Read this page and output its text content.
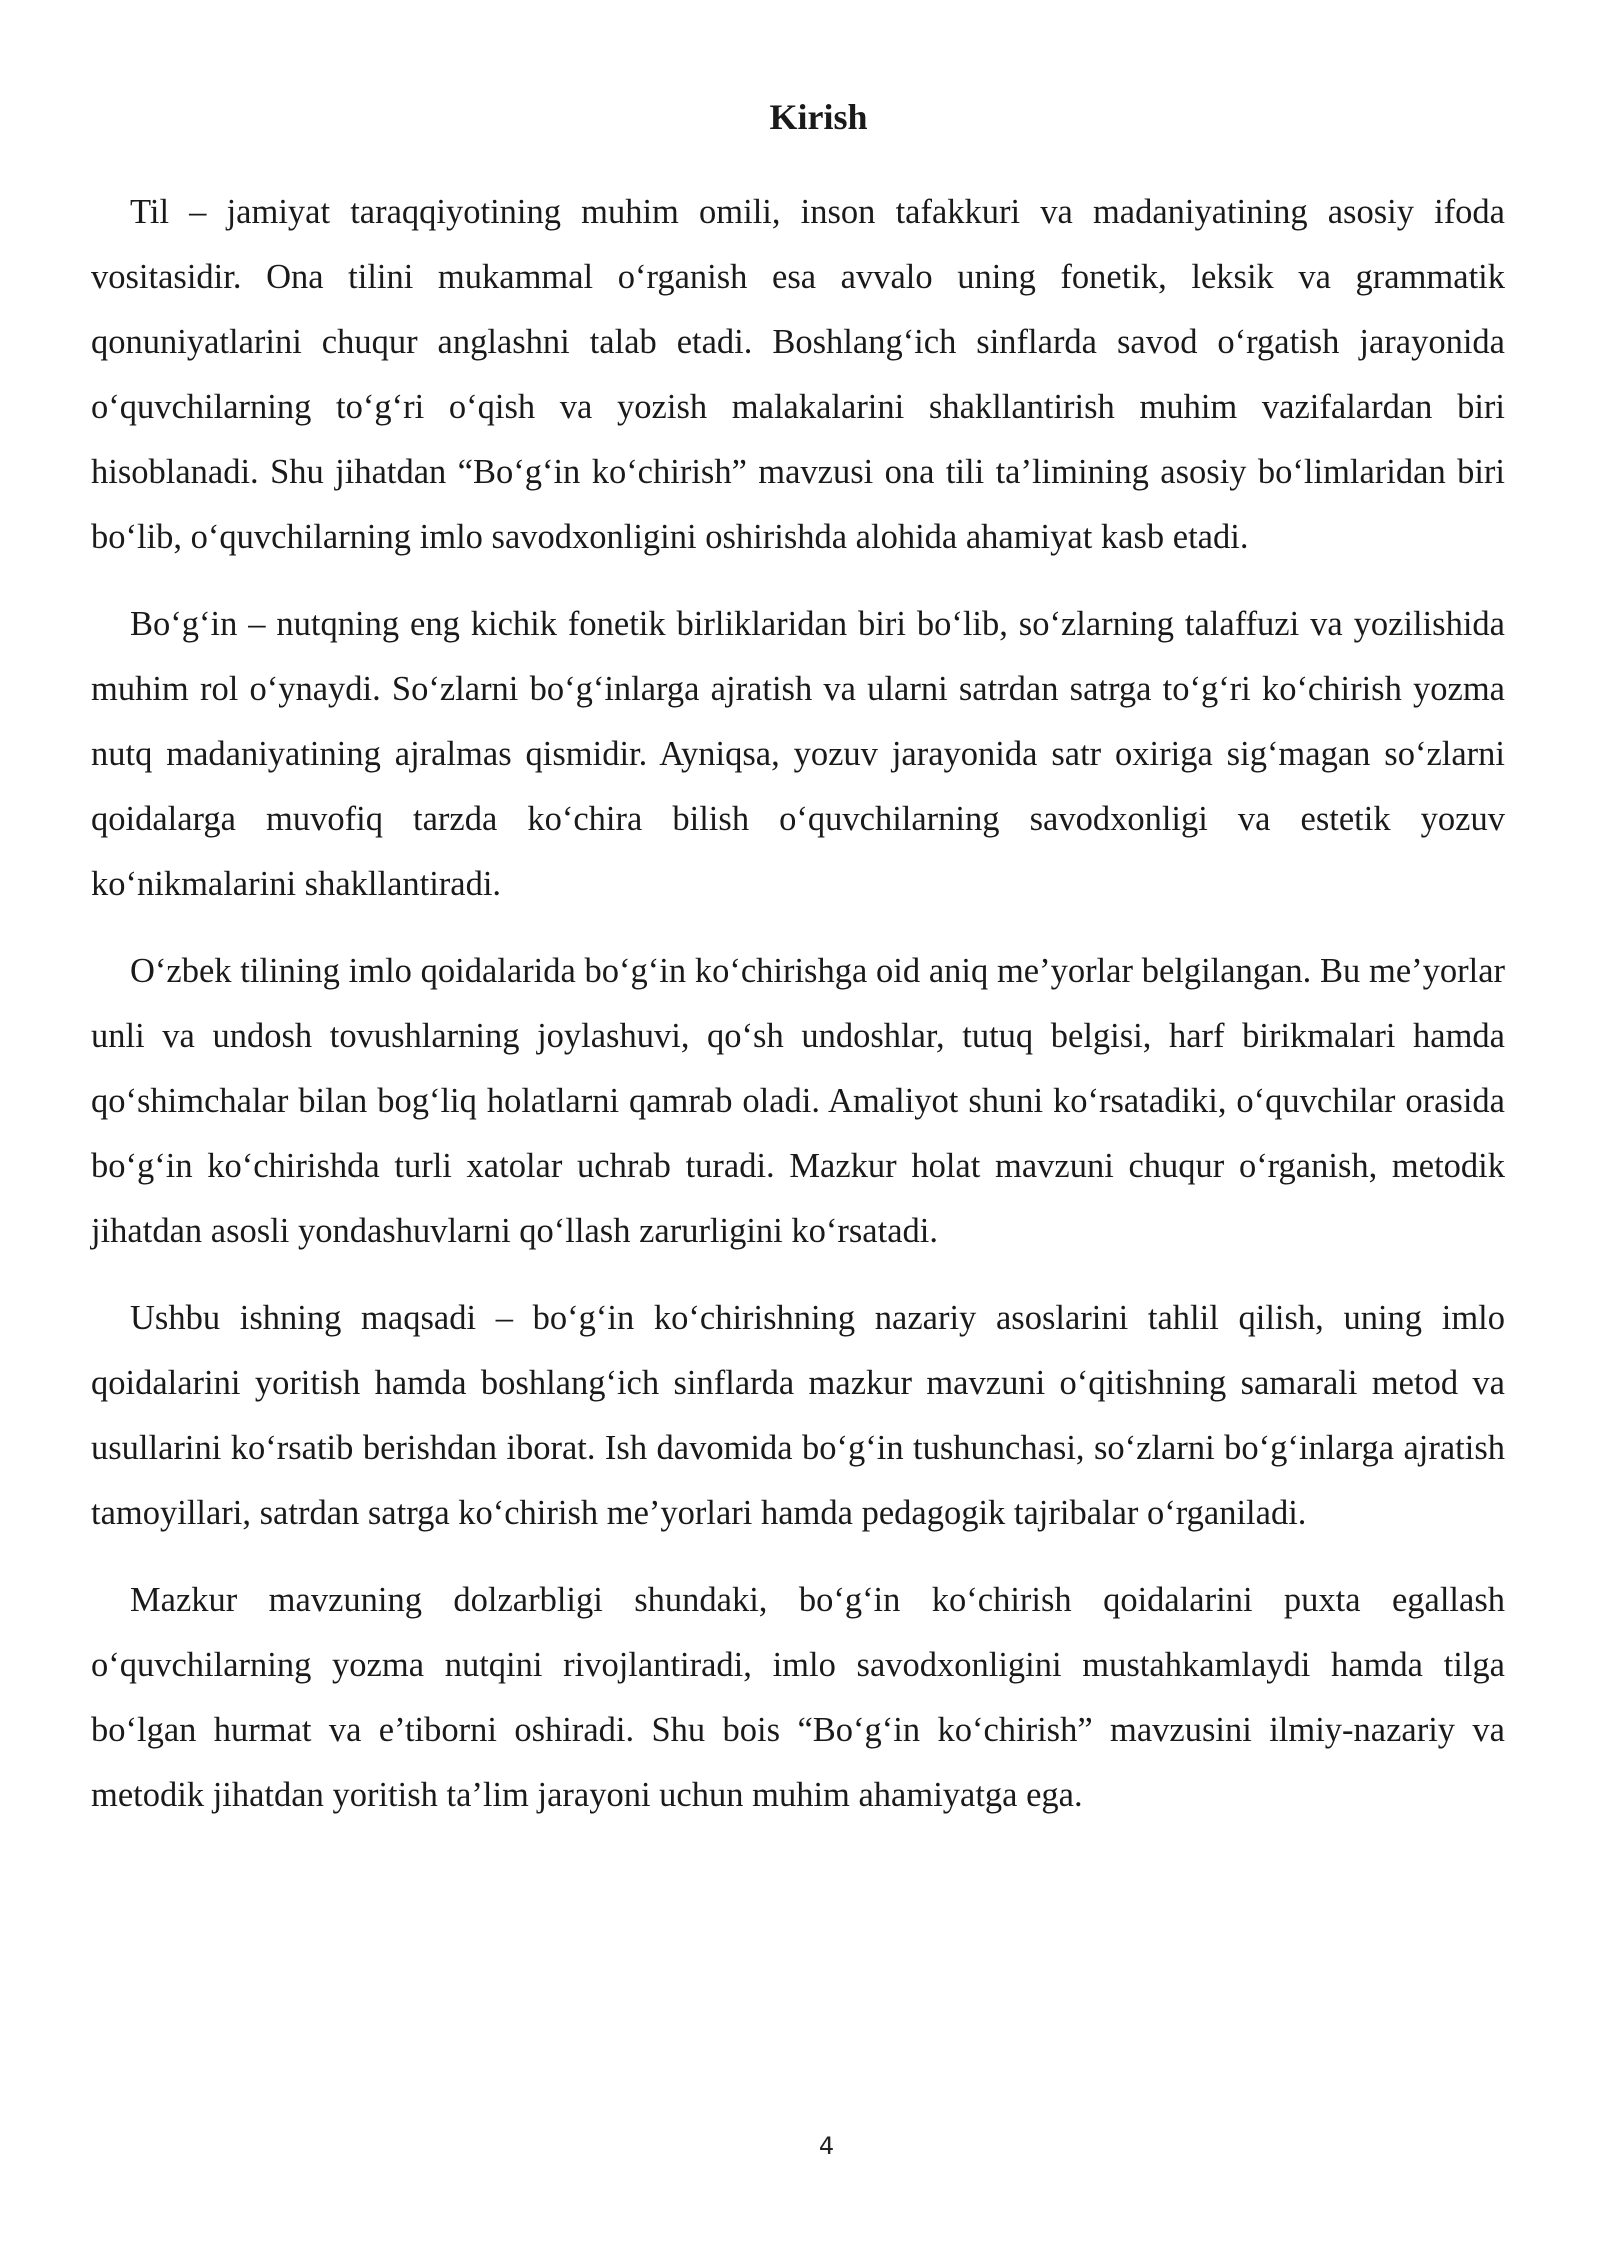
Kirish

Til – jamiyat taraqqiyotining muhim omili, inson tafakkuri va madaniyatining asosiy ifoda vositasidir. Ona tilini mukammal o‘rganish esa avvalo uning fonetik, leksik va grammatik qonuniyatlarini chuqur anglashni talab etadi. Boshlang‘ich sinflarda savod o‘rgatish jarayonida o‘quvchilarning to‘g‘ri o‘qish va yozish malakalarini shakllantirish muhim vazifalardan biri hisoblanadi. Shu jihatdan “Bo‘g‘in ko‘chirish” mavzusi ona tili ta’limining asosiy bo‘limlaridan biri bo‘lib, o‘quvchilarning imlo savodxonligini oshirishda alohida ahamiyat kasb etadi.

Bo‘g‘in – nutqning eng kichik fonetik birliklaridan biri bo‘lib, so‘zlarning talaffuzi va yozilishida muhim rol o‘ynaydi. So‘zlarni bo‘g‘inlarga ajratish va ularni satrdan satrga to‘g‘ri ko‘chirish yozma nutq madaniyatining ajralmas qismidir. Ayniqsa, yozuv jarayonida satr oxiriga sig‘magan so‘zlarni qoidalarga muvofiq tarzda ko‘chira bilish o‘quvchilarning savodxonligi va estetik yozuv ko‘nikmalarini shakllantiradi.

O‘zbek tilining imlo qoidalarida bo‘g‘in ko‘chirishga oid aniq me’yorlar belgilangan. Bu me’yorlar unli va undosh tovushlarning joylashuvi, qo‘sh undoshlar, tutuq belgisi, harf birikmalari hamda qo‘shimchalar bilan bog‘liq holatlarni qamrab oladi. Amaliyot shuni ko‘rsatadiki, o‘quvchilar orasida bo‘g‘in ko‘chirishda turli xatolar uchrab turadi. Mazkur holat mavzuni chuqur o‘rganish, metodik jihatdan asosli yondashuvlarni qo‘llash zarurligini ko‘rsatadi.

Ushbu ishning maqsadi – bo‘g‘in ko‘chirishning nazariy asoslarini tahlil qilish, uning imlo qoidalarini yoritish hamda boshlang‘ich sinflarda mazkur mavzuni o‘qitishning samarali metod va usullarini ko‘rsatib berishdan iborat. Ish davomida bo‘g‘in tushunchasi, so‘zlarni bo‘g‘inlarga ajratish tamoyillari, satrdan satrga ko‘chirish me’yorlari hamda pedagogik tajribalar o‘rganiladi.

Mazkur mavzuning dolzarbligi shundaki, bo‘g‘in ko‘chirish qoidalarini puxta egallash o‘quvchilarning yozma nutqini rivojlantiradi, imlo savodxonligini mustahkamlaydi hamda tilga bo‘lgan hurmat va e’tiborni oshiradi. Shu bois “Bo‘g‘in ko‘chirish” mavzusini ilmiy-nazariy va metodik jihatdan yoritish ta’lim jarayoni uchun muhim ahamiyatga ega.

4
